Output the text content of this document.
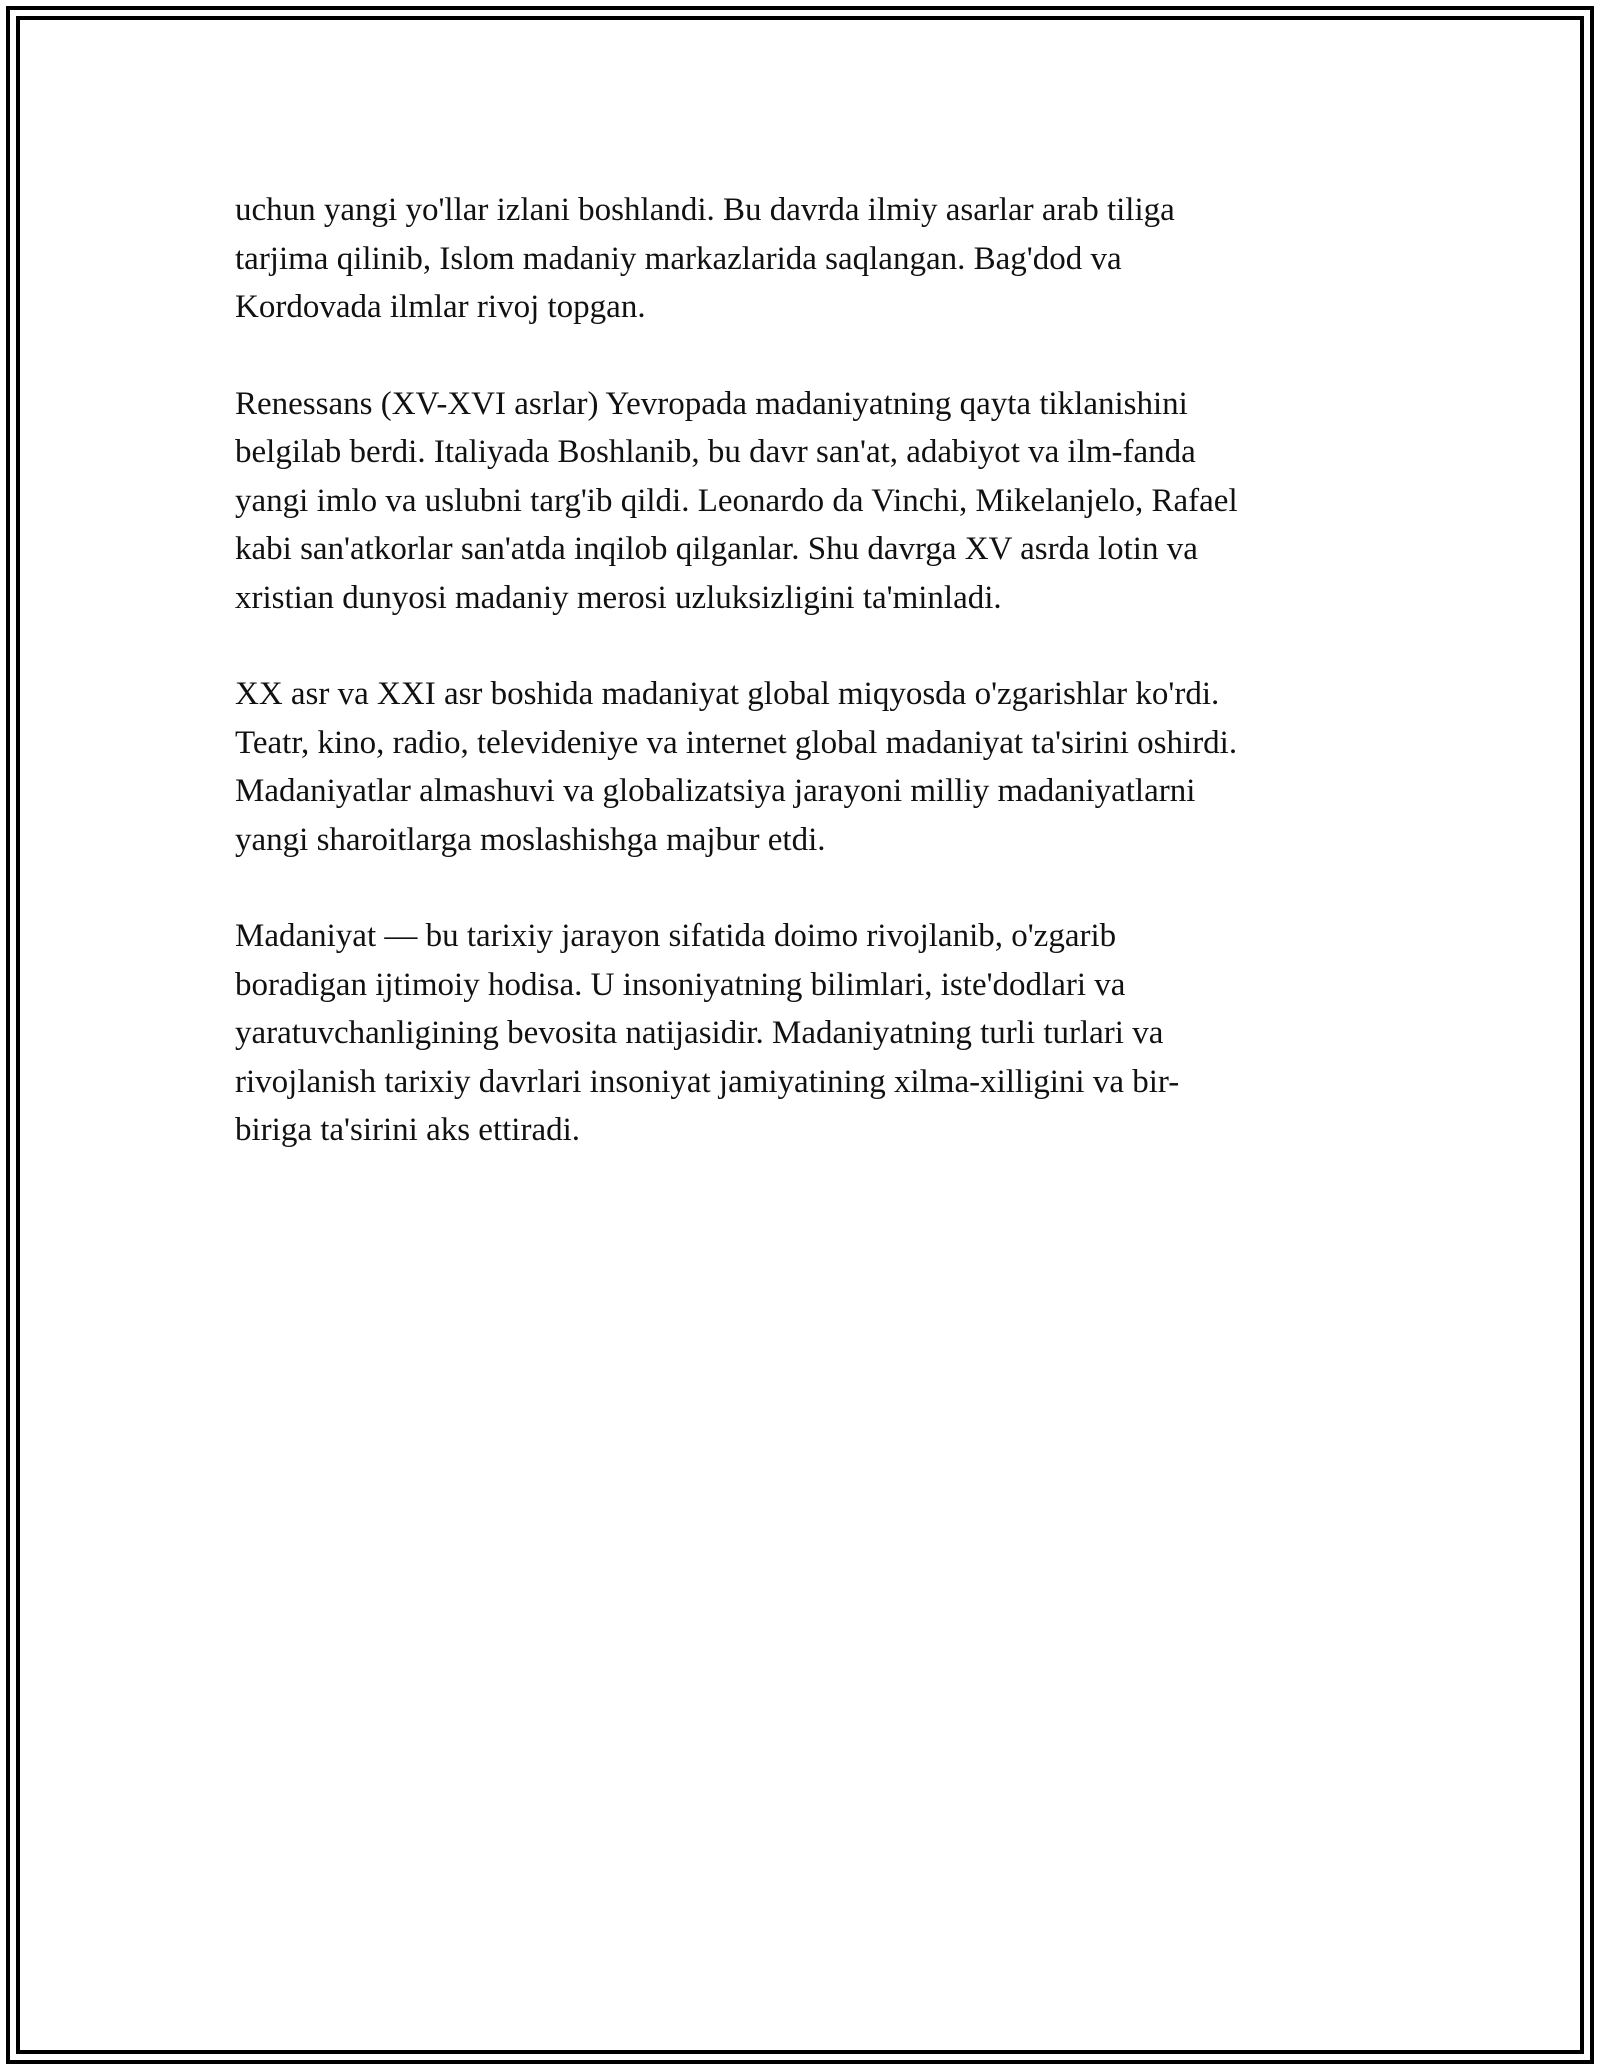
uchun yangi yo'llar izlani boshlandi. Bu davrda ilmiy asarlar arab tiliga
tarjima qilinib, Islom madaniy markazlarida saqlangan. Bag'dod va
Kordovada ilmlar rivoj topgan.

Renessans (XV-XVI asrlar) Yevropada madaniyatning qayta tiklanishini
belgilab berdi. Italiyada Boshlanib, bu davr san'at, adabiyot va ilm-fanda
yangi imlo va uslubni targ'ib qildi. Leonardo da Vinchi, Mikelanjelo, Rafael
kabi san'atkorlar san'atda inqilob qilganlar. Shu davrga XV asrda lotin va
xristian dunyosi madaniy merosi uzluksizligini ta'minladi.

XX asr va XXI asr boshida madaniyat global miqyosda o'zgarishlar ko'rdi.
Teatr, kino, radio, televideniye va internet global madaniyat ta'sirini oshirdi.
Madaniyatlar almashuvi va globalizatsiya jarayoni milliy madaniyatlarni
yangi sharoitlarga moslashishga majbur etdi.

Madaniyat — bu tarixiy jarayon sifatida doimo rivojlanib, o'zgarib
boradigan ijtimoiy hodisa. U insoniyatning bilimlari, iste'dodlari va
yaratuvchanligining bevosita natijasidir. Madaniyatning turli turlari va
rivojlanish tarixiy davrlari insoniyat jamiyatining xilma-xilligini va bir-
biriga ta'sirini aks ettiradi.
